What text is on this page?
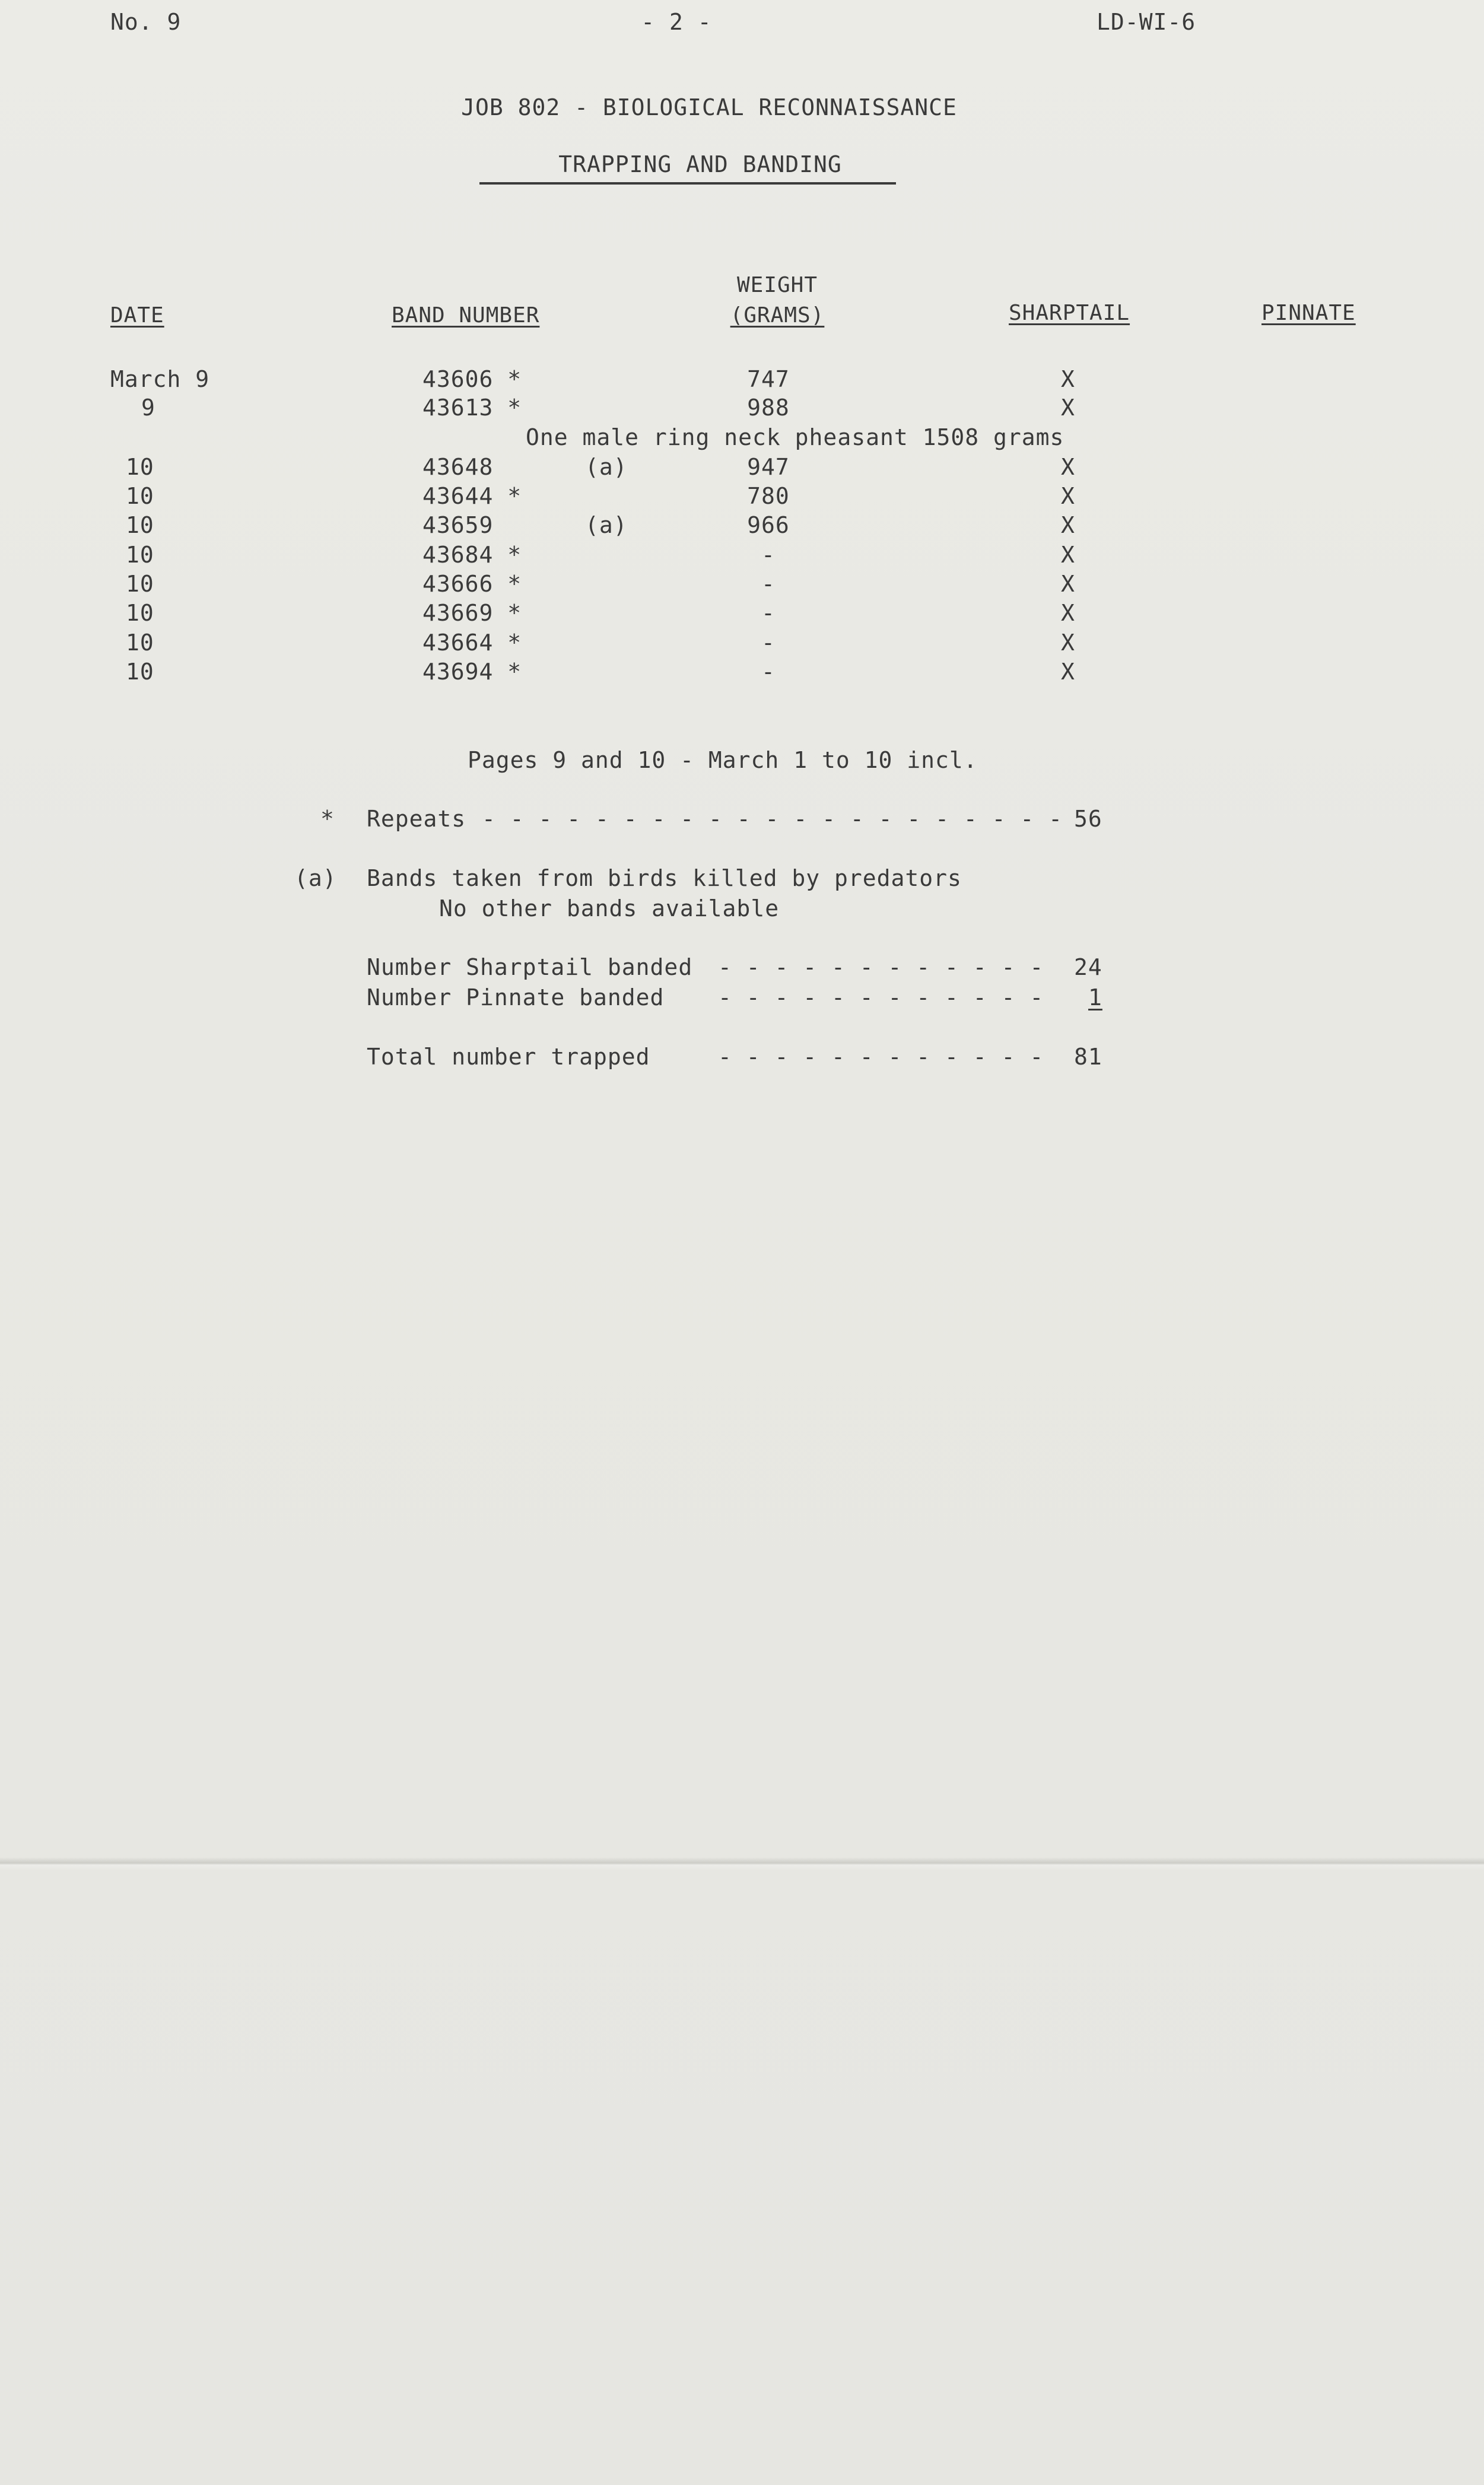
No. 9	- 2 -	LD-WI-6
JOB 802 - BIOLOGICAL RECONNAISSANCE
TRAPPING AND BANDING
DATE	BAND NUMBER
WEIGHT
(GRAMS)	SHARPTAIL	PINNATE
March 9	43606 *	747	X
9	43613 *	988	X
One male ring neck pheasant 1508 grams
10	43648	(a)	947	X
10	43644 *	780	X
10	43659	(a)	966	X
10	43684 *	-	X
10	43666 *	-	X
10	43669 *	-	X
10	43664 *	-	X
10	43694 *	-	X
Pages 9 and 10 - March 1 to 10 incl.
* Repeats - - - - - - - - - - - - - - - - - - - - - 56
(a) Bands taken from birds killed by predators
No other bands available
Number Sharptail banded - - - - - - - - - - - - 24
Number Pinnate banded - - - - - - - - - - - - 1
Total number trapped	- - - - - - - - - - - - 81
